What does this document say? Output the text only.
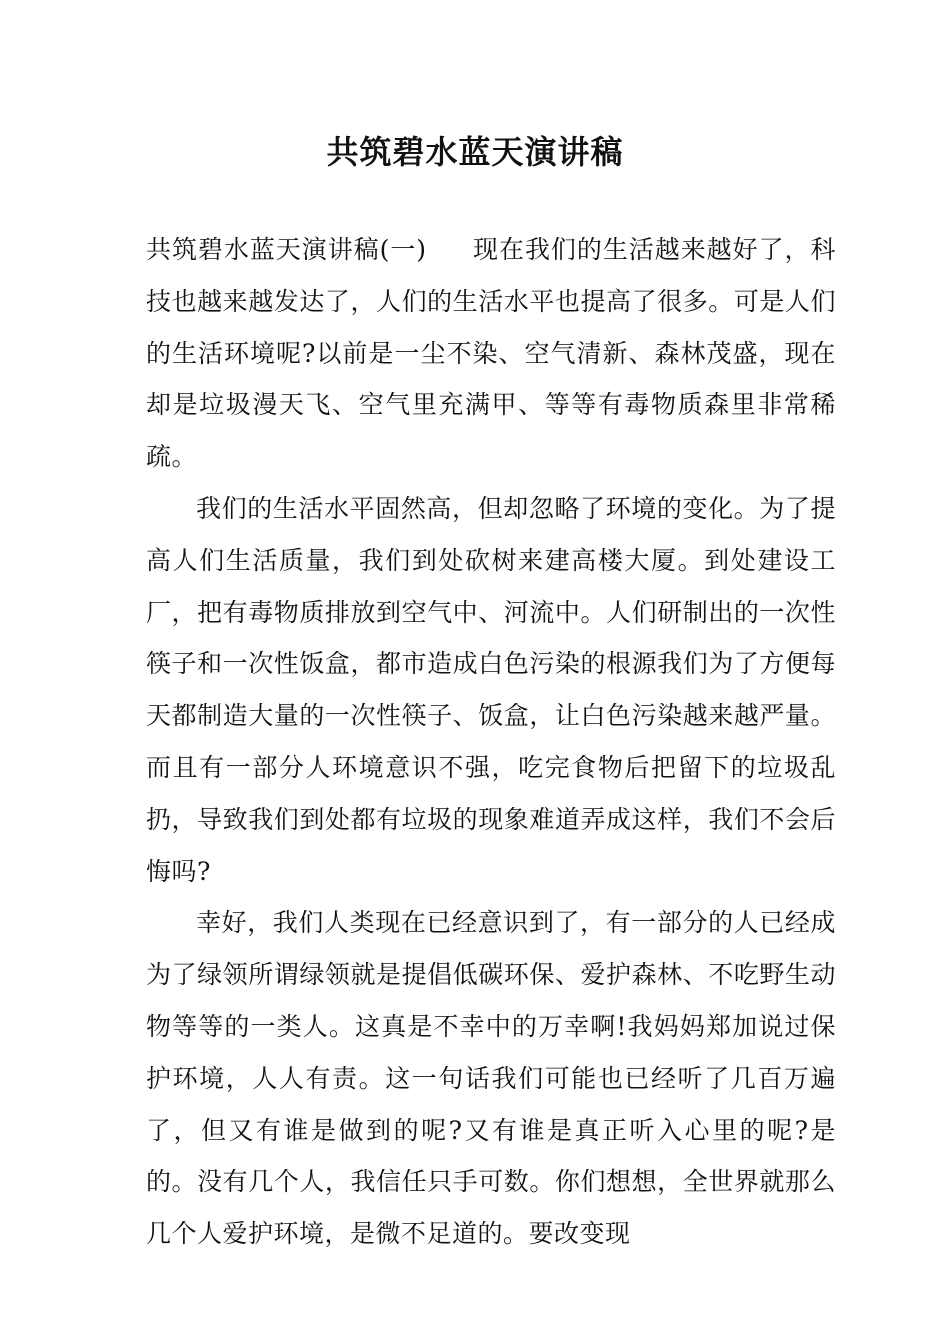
共筑碧水蓝天演讲稿

共筑碧水蓝天演讲稿(一) 现在我们的生活越来越好了，科技也越来越发达了，人们的生活水平也提高了很多。可是人们的生活环境呢?以前是一尘不染、空气清新、森林茂盛，现在却是垃圾漫天飞、空气里充满甲、等等有毒物质森里非常稀疏。

我们的生活水平固然高，但却忽略了环境的变化。为了提高人们生活质量，我们到处砍树来建高楼大厦。到处建设工厂，把有毒物质排放到空气中、河流中。人们研制出的一次性筷子和一次性饭盒，都市造成白色污染的根源我们为了方便每天都制造大量的一次性筷子、饭盒，让白色污染越来越严量。而且有一部分人环境意识不强，吃完食物后把留下的垃圾乱扔，导致我们到处都有垃圾的现象难道弄成这样，我们不会后悔吗?

幸好，我们人类现在已经意识到了，有一部分的人已经成为了绿领所谓绿领就是提倡低碳环保、爱护森林、不吃野生动物等等的一类人。这真是不幸中的万幸啊!我妈妈郑加说过保护环境，人人有责。这一句话我们可能也已经听了几百万遍了，但又有谁是做到的呢?又有谁是真正听入心里的呢?是的。没有几个人，我信任只手可数。你们想想，全世界就那么几个人爱护环境，是微不足道的。要改变现
